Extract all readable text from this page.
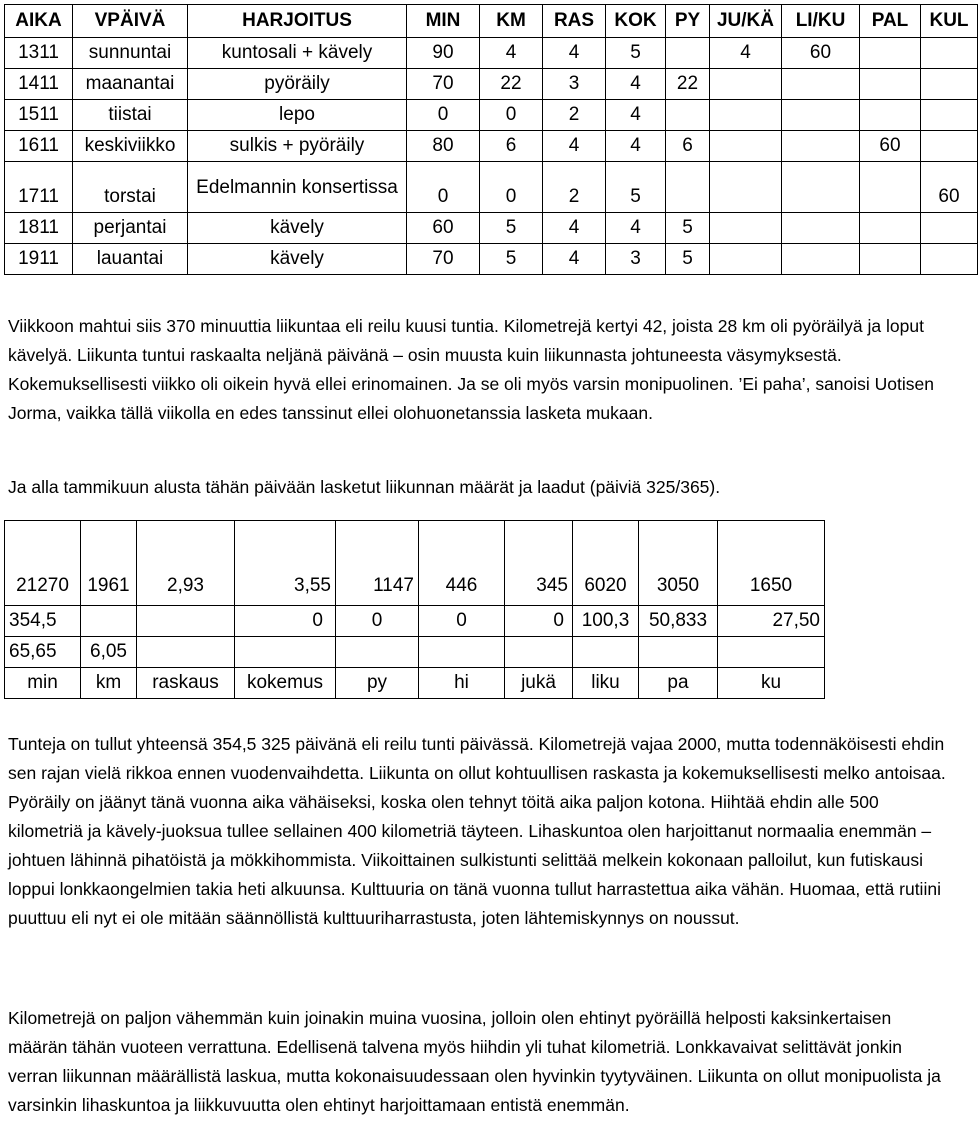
AIKA	VPÄIVÄ	HARJOITUS	MIN	KM	RAS	KOK	PY	JU/KÄ	LI/KU	PAL	KUL
1311	sunnuntai	kuntosali + kävely	90	4	4	5		4	60		
1411	maanantai	pyöräily	70	22	3	4	22				
1511	tiistai	lepo	0	0	2	4					
1611	keskiviikko	sulkis + pyöräily	80	6	4	4	6			60	
1711	torstai	Edelmannin konsertissa	0	0	2	5					60
1811	perjantai	kävely	60	5	4	4	5				
1911	lauantai	kävely	70	5	4	3	5				

Viikkoon mahtui siis 370 minuuttia liikuntaa eli reilu kuusi tuntia. Kilometrejä kertyi 42, joista 28 km oli pyöräilyä ja loput kävelyä. Liikunta tuntui raskaalta neljänä päivänä – osin muusta kuin liikunnasta johtuneesta väsymyksestä. Kokemuksellisesti viikko oli oikein hyvä ellei erinomainen. Ja se oli myös varsin monipuolinen. ’Ei paha’, sanoisi Uotisen Jorma, vaikka tällä viikolla en edes tanssinut ellei olohuonetanssia lasketa mukaan.

Ja alla tammikuun alusta tähän päivään lasketut liikunnan määrät ja laadut (päiviä 325/365).

21270	1961	2,93	3,55	1147	446	345	6020	3050	1650
354,5			0	0	0	0	100,3	50,833	27,50
65,65	6,05								
min	km	raskaus	kokemus	py	hi	jukä	liku	pa	ku

Tunteja on tullut yhteensä 354,5 325 päivänä eli reilu tunti päivässä. Kilometrejä vajaa 2000, mutta todennäköisesti ehdin sen rajan vielä rikkoa ennen vuodenvaihdetta. Liikunta on ollut kohtuullisen raskasta ja kokemuksellisesti melko antoisaa. Pyöräily on jäänyt tänä vuonna aika vähäiseksi, koska olen tehnyt töitä aika paljon kotona. Hiihtää ehdin alle 500 kilometriä ja kävely-juoksua tullee sellainen 400 kilometriä täyteen. Lihaskuntoa olen harjoittanut normaalia enemmän – johtuen lähinnä pihatöistä ja mökkihommista. Viikoittainen sulkistunti selittää melkein kokonaan palloilut, kun futiskausi loppui lonkkaongelmien takia heti alkuunsa. Kulttuuria on tänä vuonna tullut harrastettua aika vähän. Huomaa, että rutiini puuttuu eli nyt ei ole mitään säännöllistä kulttuuriharrastusta, joten lähtemiskynnys on noussut.

Kilometrejä on paljon vähemmän kuin joinakin muina vuosina, jolloin olen ehtinyt pyöräillä helposti kaksinkertaisen määrän tähän vuoteen verrattuna. Edellisenä talvena myös hiihdin yli tuhat kilometriä. Lonkkavaivat selittävät jonkin verran liikunnan määrällistä laskua, mutta kokonaisuudessaan olen hyvinkin tyytyväinen. Liikunta on ollut monipuolista ja varsinkin lihaskuntoa ja liikkuvuutta olen ehtinyt harjoittamaan entistä enemmän.
